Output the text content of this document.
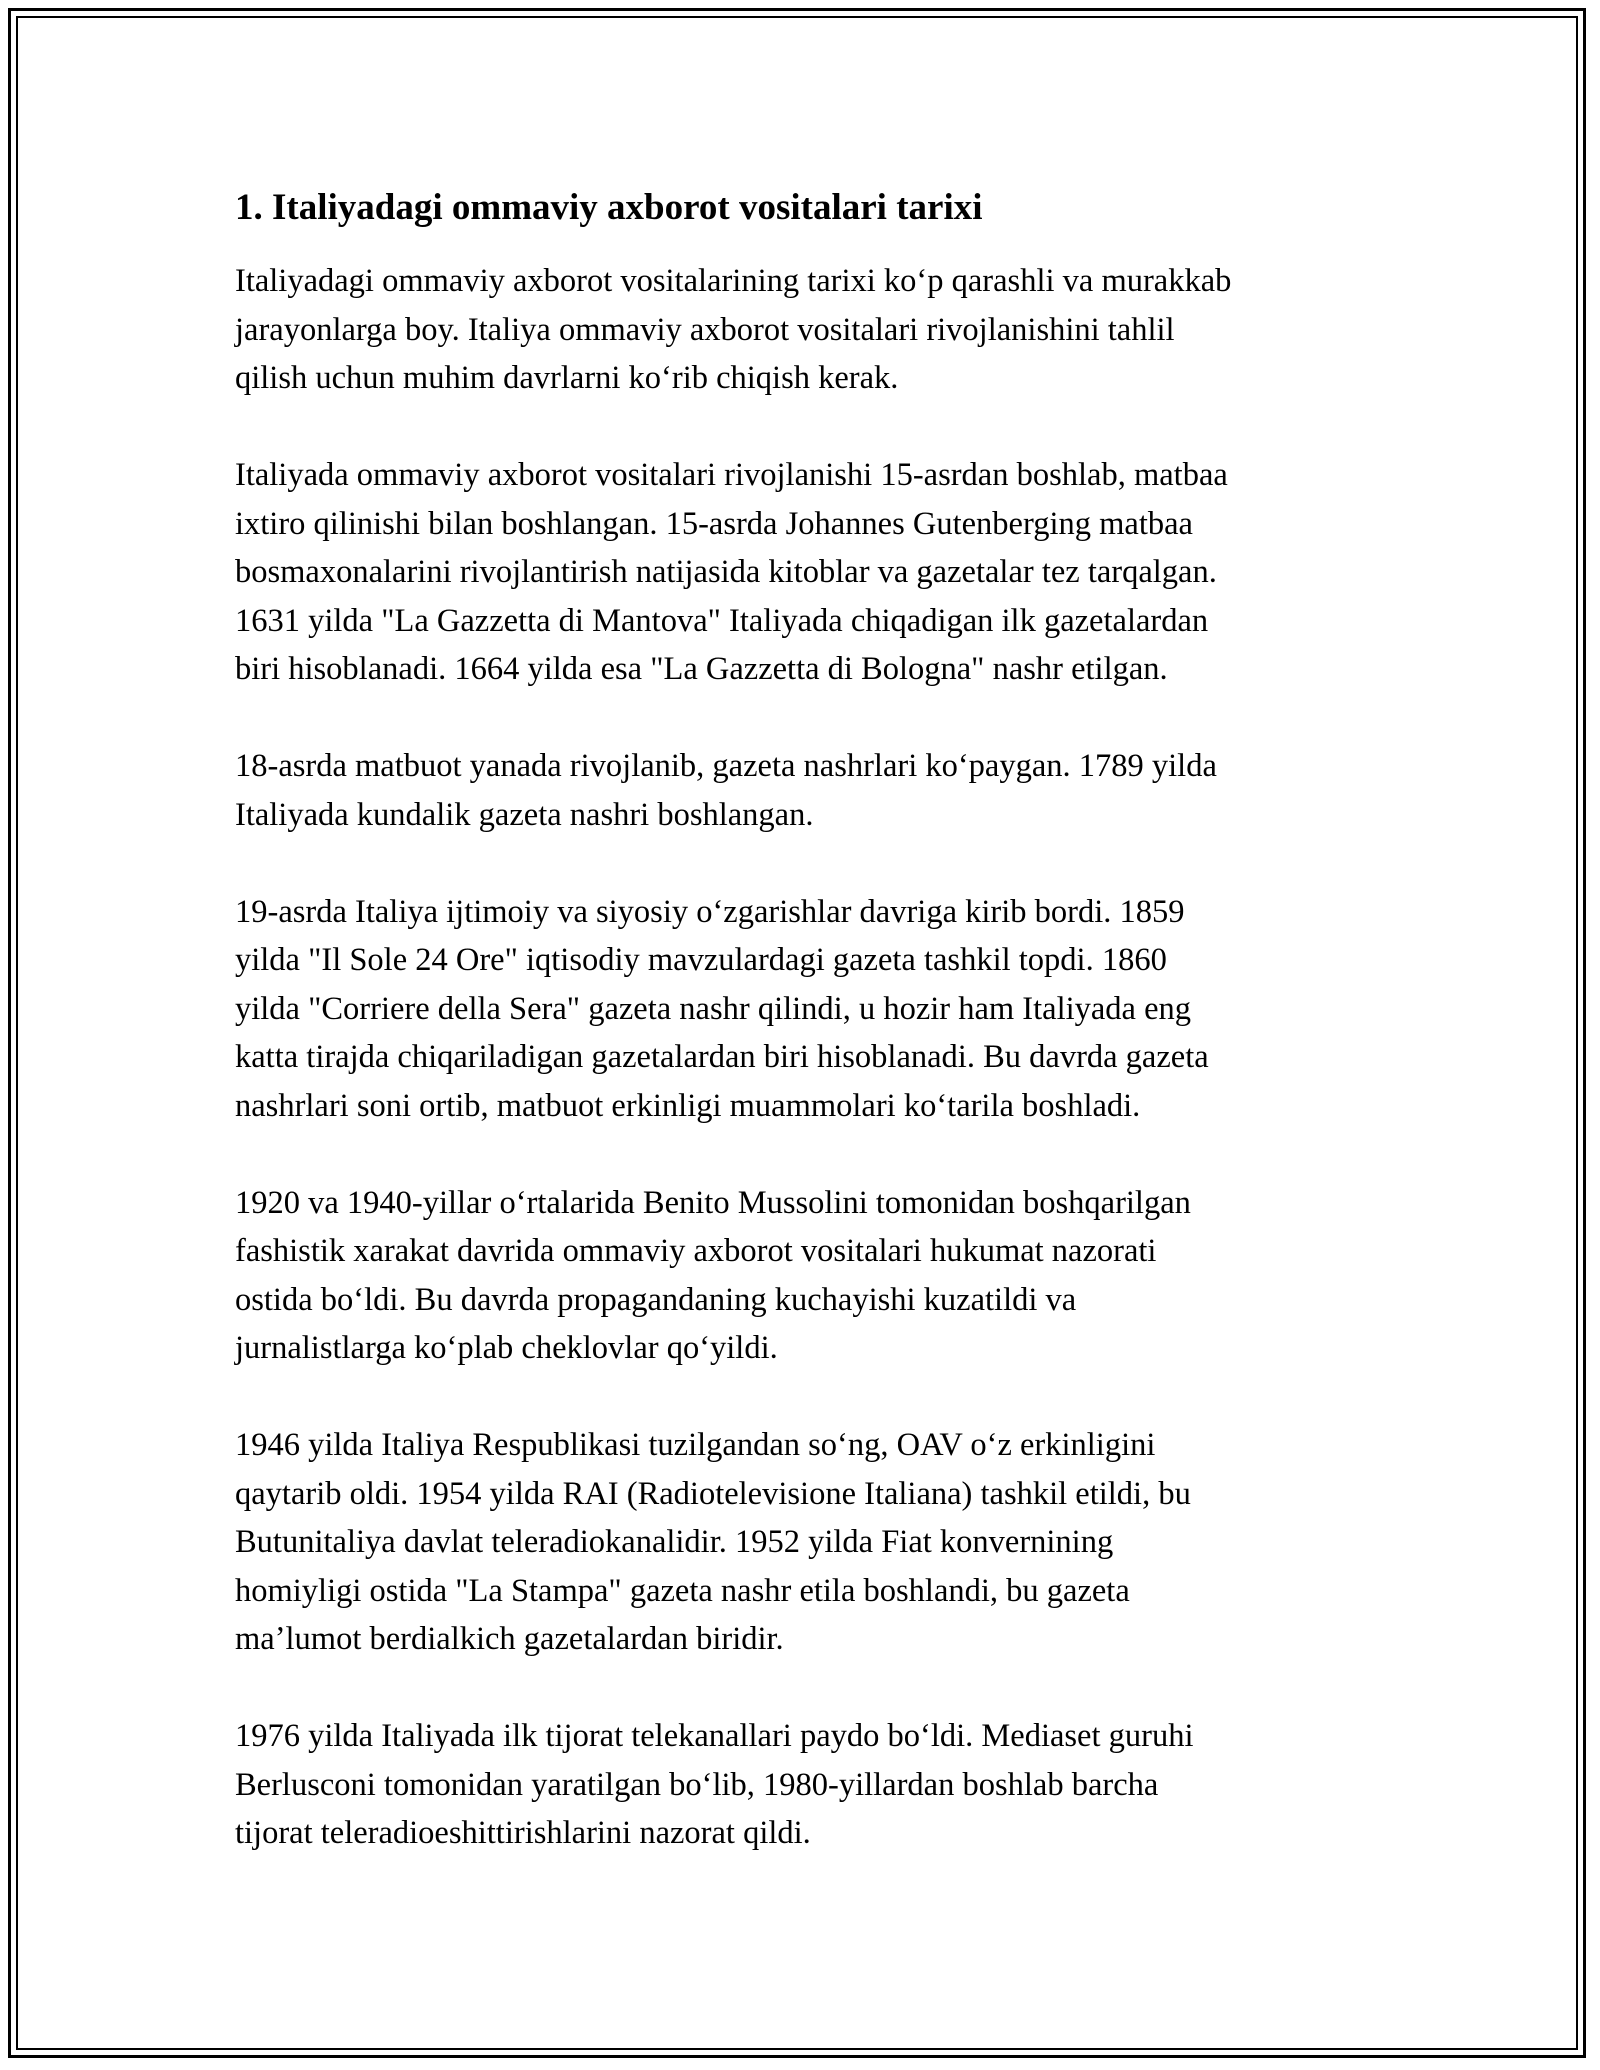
1. Italiyadagi ommaviy axborot vositalari tarixi

Italiyadagi ommaviy axborot vositalarining tarixi koʻp qarashli va murakkab
jarayonlarga boy. Italiya ommaviy axborot vositalari rivojlanishini tahlil
qilish uchun muhim davrlarni koʻrib chiqish kerak.

Italiyada ommaviy axborot vositalari rivojlanishi 15-asrdan boshlab, matbaa
ixtiro qilinishi bilan boshlangan. 15-asrda Johannes Gutenberging matbaa
bosmaxonalarini rivojlantirish natijasida kitoblar va gazetalar tez tarqalgan.
1631 yilda "La Gazzetta di Mantova" Italiyada chiqadigan ilk gazetalardan
biri hisoblanadi. 1664 yilda esa "La Gazzetta di Bologna" nashr etilgan.

18-asrda matbuot yanada rivojlanib, gazeta nashrlari koʻpaygan. 1789 yilda
Italiyada kundalik gazeta nashri boshlangan.

19-asrda Italiya ijtimoiy va siyosiy oʻzgarishlar davriga kirib bordi. 1859
yilda "Il Sole 24 Ore" iqtisodiy mavzulardagi gazeta tashkil topdi. 1860
yilda "Corriere della Sera" gazeta nashr qilindi, u hozir ham Italiyada eng
katta tirajda chiqariladigan gazetalardan biri hisoblanadi. Bu davrda gazeta
nashrlari soni ortib, matbuot erkinligi muammolari koʻtarila boshladi.

1920 va 1940-yillar oʻrtalarida Benito Mussolini tomonidan boshqarilgan
fashistik xarakat davrida ommaviy axborot vositalari hukumat nazorati
ostida boʻldi. Bu davrda propagandaning kuchayishi kuzatildi va
jurnalistlarga koʻplab cheklovlar qoʻyildi.

1946 yilda Italiya Respublikasi tuzilgandan soʻng, OAV oʻz erkinligini
qaytarib oldi. 1954 yilda RAI (Radiotelevisione Italiana) tashkil etildi, bu
Butunitaliya davlat teleradiokanalidir. 1952 yilda Fiat konvernining
homiyligi ostida "La Stampa" gazeta nashr etila boshlandi, bu gazeta
maʼlumot berdialkich gazetalardan biridir.

1976 yilda Italiyada ilk tijorat telekanallari paydo boʻldi. Mediaset guruhi
Berlusconi tomonidan yaratilgan boʻlib, 1980-yillardan boshlab barcha
tijorat teleradioeshittirishlarini nazorat qildi.
